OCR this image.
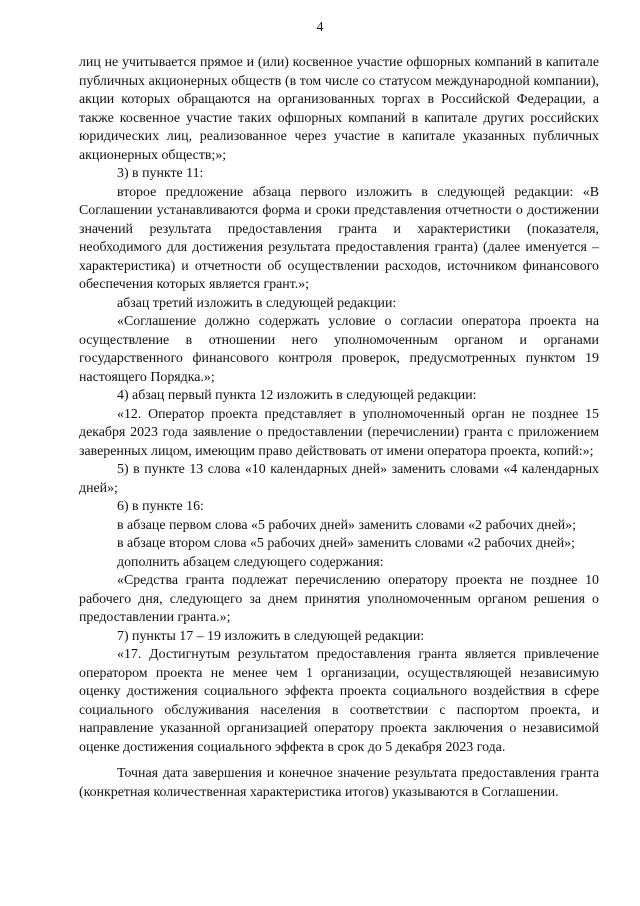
4

лиц не учитывается прямое и (или) косвенное участие офшорных компаний в капитале публичных акционерных обществ (в том числе со статусом международной компании), акции которых обращаются на организованных торгах в Российской Федерации, а также косвенное участие таких офшорных компаний в капитале других российских юридических лиц, реализованное через участие в капитале указанных публичных акционерных обществ;»;

3) в пункте 11:

второе предложение абзаца первого изложить в следующей редакции: «В Соглашении устанавливаются форма и сроки представления отчетности о достижении значений результата предоставления гранта и характеристики (показателя, необходимого для достижения результата предоставления гранта) (далее именуется – характеристика) и отчетности об осуществлении расходов, источником финансового обеспечения которых является грант.»;

абзац третий изложить в следующей редакции:

«Соглашение должно содержать условие о согласии оператора проекта на осуществление в отношении него уполномоченным органом и органами государственного финансового контроля проверок, предусмотренных пунктом 19 настоящего Порядка.»;

4) абзац первый пункта 12 изложить в следующей редакции:

«12. Оператор проекта представляет в уполномоченный орган не позднее 15 декабря 2023 года заявление о предоставлении (перечислении) гранта с приложением заверенных лицом, имеющим право действовать от имени оператора проекта, копий:»;

5) в пункте 13 слова «10 календарных дней» заменить словами «4 календарных дней»;

6) в пункте 16:

в абзаце первом слова «5 рабочих дней» заменить словами «2 рабочих дней»;

в абзаце втором слова «5 рабочих дней» заменить словами «2 рабочих дней»;

дополнить абзацем следующего содержания:

«Средства гранта подлежат перечислению оператору проекта не позднее 10 рабочего дня, следующего за днем принятия уполномоченным органом решения о предоставлении гранта.»;

7) пункты 17 – 19 изложить в следующей редакции:

«17. Достигнутым результатом предоставления гранта является привлечение оператором проекта не менее чем 1 организации, осуществляющей независимую оценку достижения социального эффекта проекта социального воздействия в сфере социального обслуживания населения в соответствии с паспортом проекта, и направление указанной организацией оператору проекта заключения о независимой оценке достижения социального эффекта в срок до 5 декабря 2023 года.

Точная дата завершения и конечное значение результата предоставления гранта (конкретная количественная характеристика итогов) указываются в Соглашении.
